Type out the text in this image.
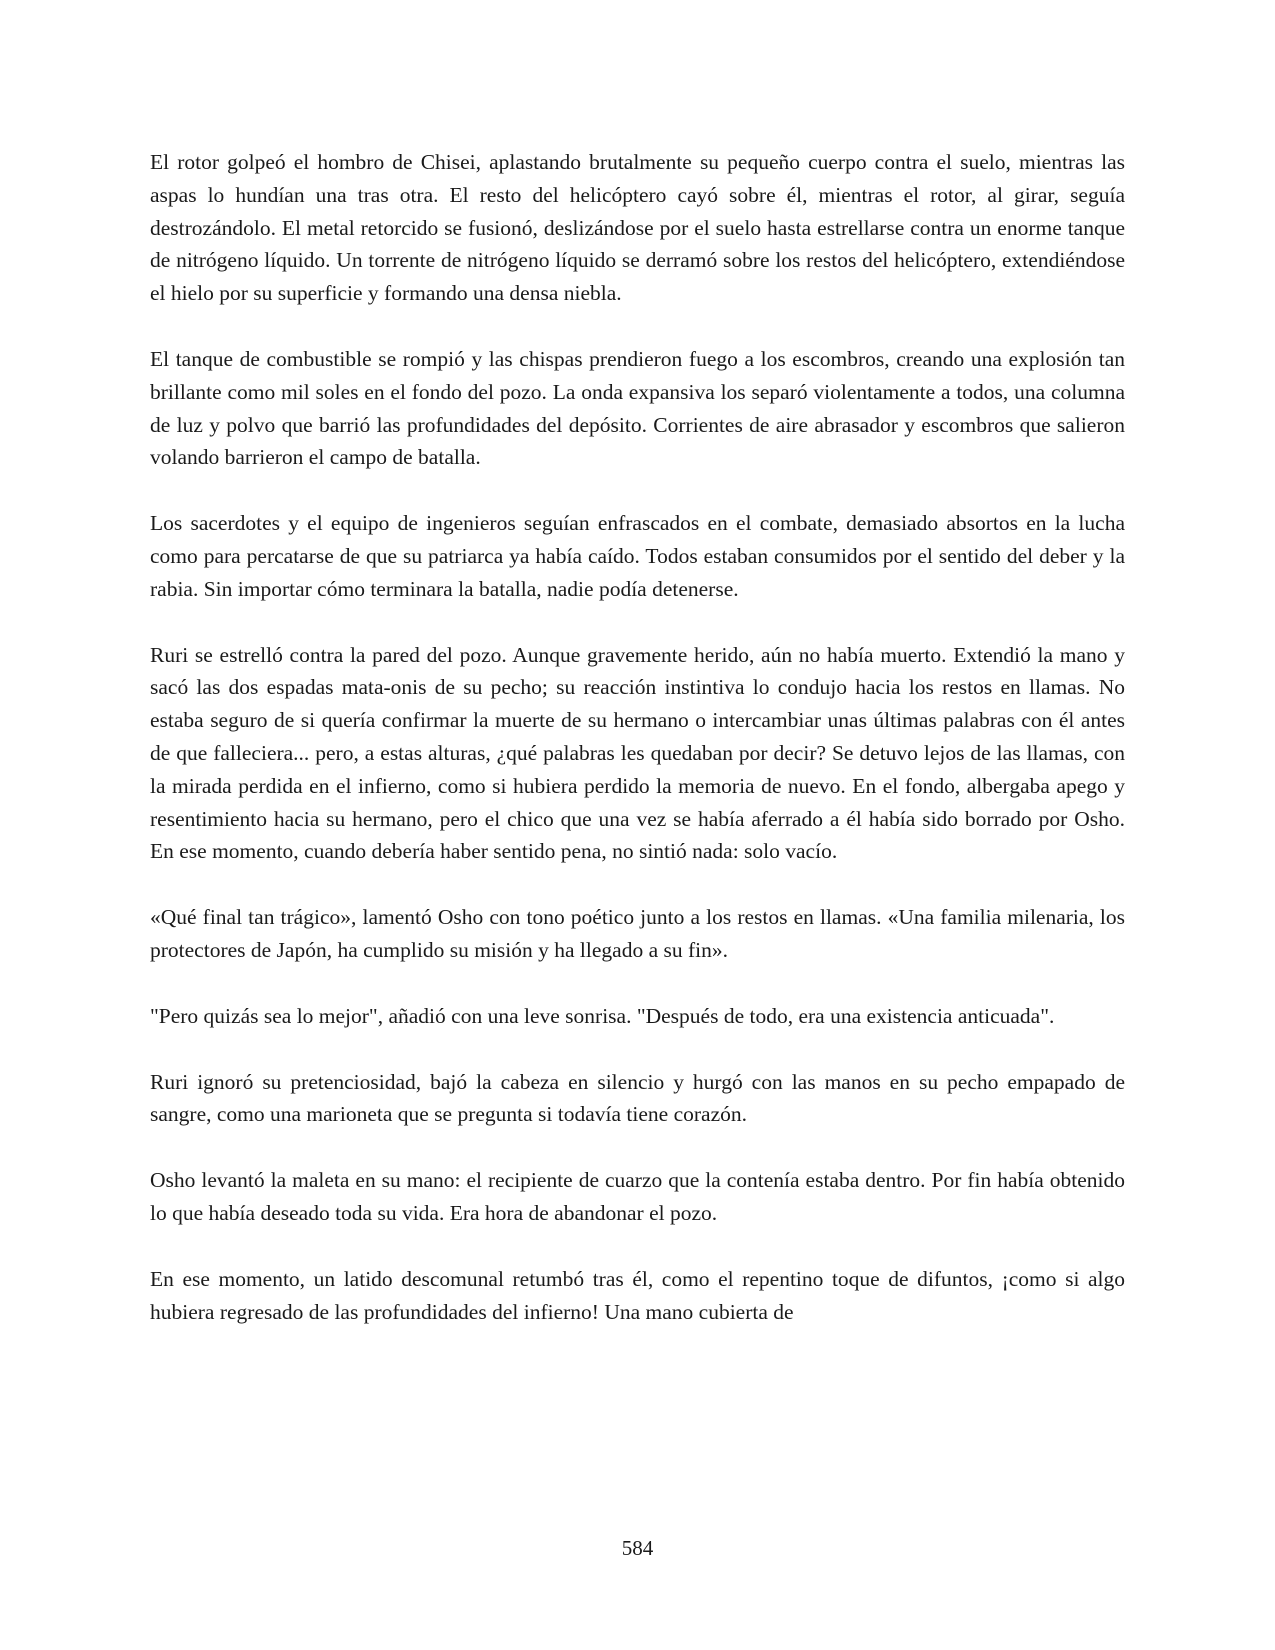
El rotor golpeó el hombro de Chisei, aplastando brutalmente su pequeño cuerpo contra el suelo, mientras las aspas lo hundían una tras otra. El resto del helicóptero cayó sobre él, mientras el rotor, al girar, seguía destrozándolo. El metal retorcido se fusionó, deslizándose por el suelo hasta estrellarse contra un enorme tanque de nitrógeno líquido. Un torrente de nitrógeno líquido se derramó sobre los restos del helicóptero, extendiéndose el hielo por su superficie y formando una densa niebla.

El tanque de combustible se rompió y las chispas prendieron fuego a los escombros, creando una explosión tan brillante como mil soles en el fondo del pozo. La onda expansiva los separó violentamente a todos, una columna de luz y polvo que barrió las profundidades del depósito. Corrientes de aire abrasador y escombros que salieron volando barrieron el campo de batalla.

Los sacerdotes y el equipo de ingenieros seguían enfrascados en el combate, demasiado absortos en la lucha como para percatarse de que su patriarca ya había caído. Todos estaban consumidos por el sentido del deber y la rabia. Sin importar cómo terminara la batalla, nadie podía detenerse.

Ruri se estrelló contra la pared del pozo. Aunque gravemente herido, aún no había muerto. Extendió la mano y sacó las dos espadas mata-onis de su pecho; su reacción instintiva lo condujo hacia los restos en llamas. No estaba seguro de si quería confirmar la muerte de su hermano o intercambiar unas últimas palabras con él antes de que falleciera... pero, a estas alturas, ¿qué palabras les quedaban por decir? Se detuvo lejos de las llamas, con la mirada perdida en el infierno, como si hubiera perdido la memoria de nuevo. En el fondo, albergaba apego y resentimiento hacia su hermano, pero el chico que una vez se había aferrado a él había sido borrado por Osho. En ese momento, cuando debería haber sentido pena, no sintió nada: solo vacío.

«Qué final tan trágico», lamentó Osho con tono poético junto a los restos en llamas. «Una familia milenaria, los protectores de Japón, ha cumplido su misión y ha llegado a su fin».

"Pero quizás sea lo mejor", añadió con una leve sonrisa. "Después de todo, era una existencia anticuada".

Ruri ignoró su pretenciosidad, bajó la cabeza en silencio y hurgó con las manos en su pecho empapado de sangre, como una marioneta que se pregunta si todavía tiene corazón.

Osho levantó la maleta en su mano: el recipiente de cuarzo que la contenía estaba dentro. Por fin había obtenido lo que había deseado toda su vida. Era hora de abandonar el pozo.

En ese momento, un latido descomunal retumbó tras él, como el repentino toque de difuntos, ¡como si algo hubiera regresado de las profundidades del infierno! Una mano cubierta de

584
